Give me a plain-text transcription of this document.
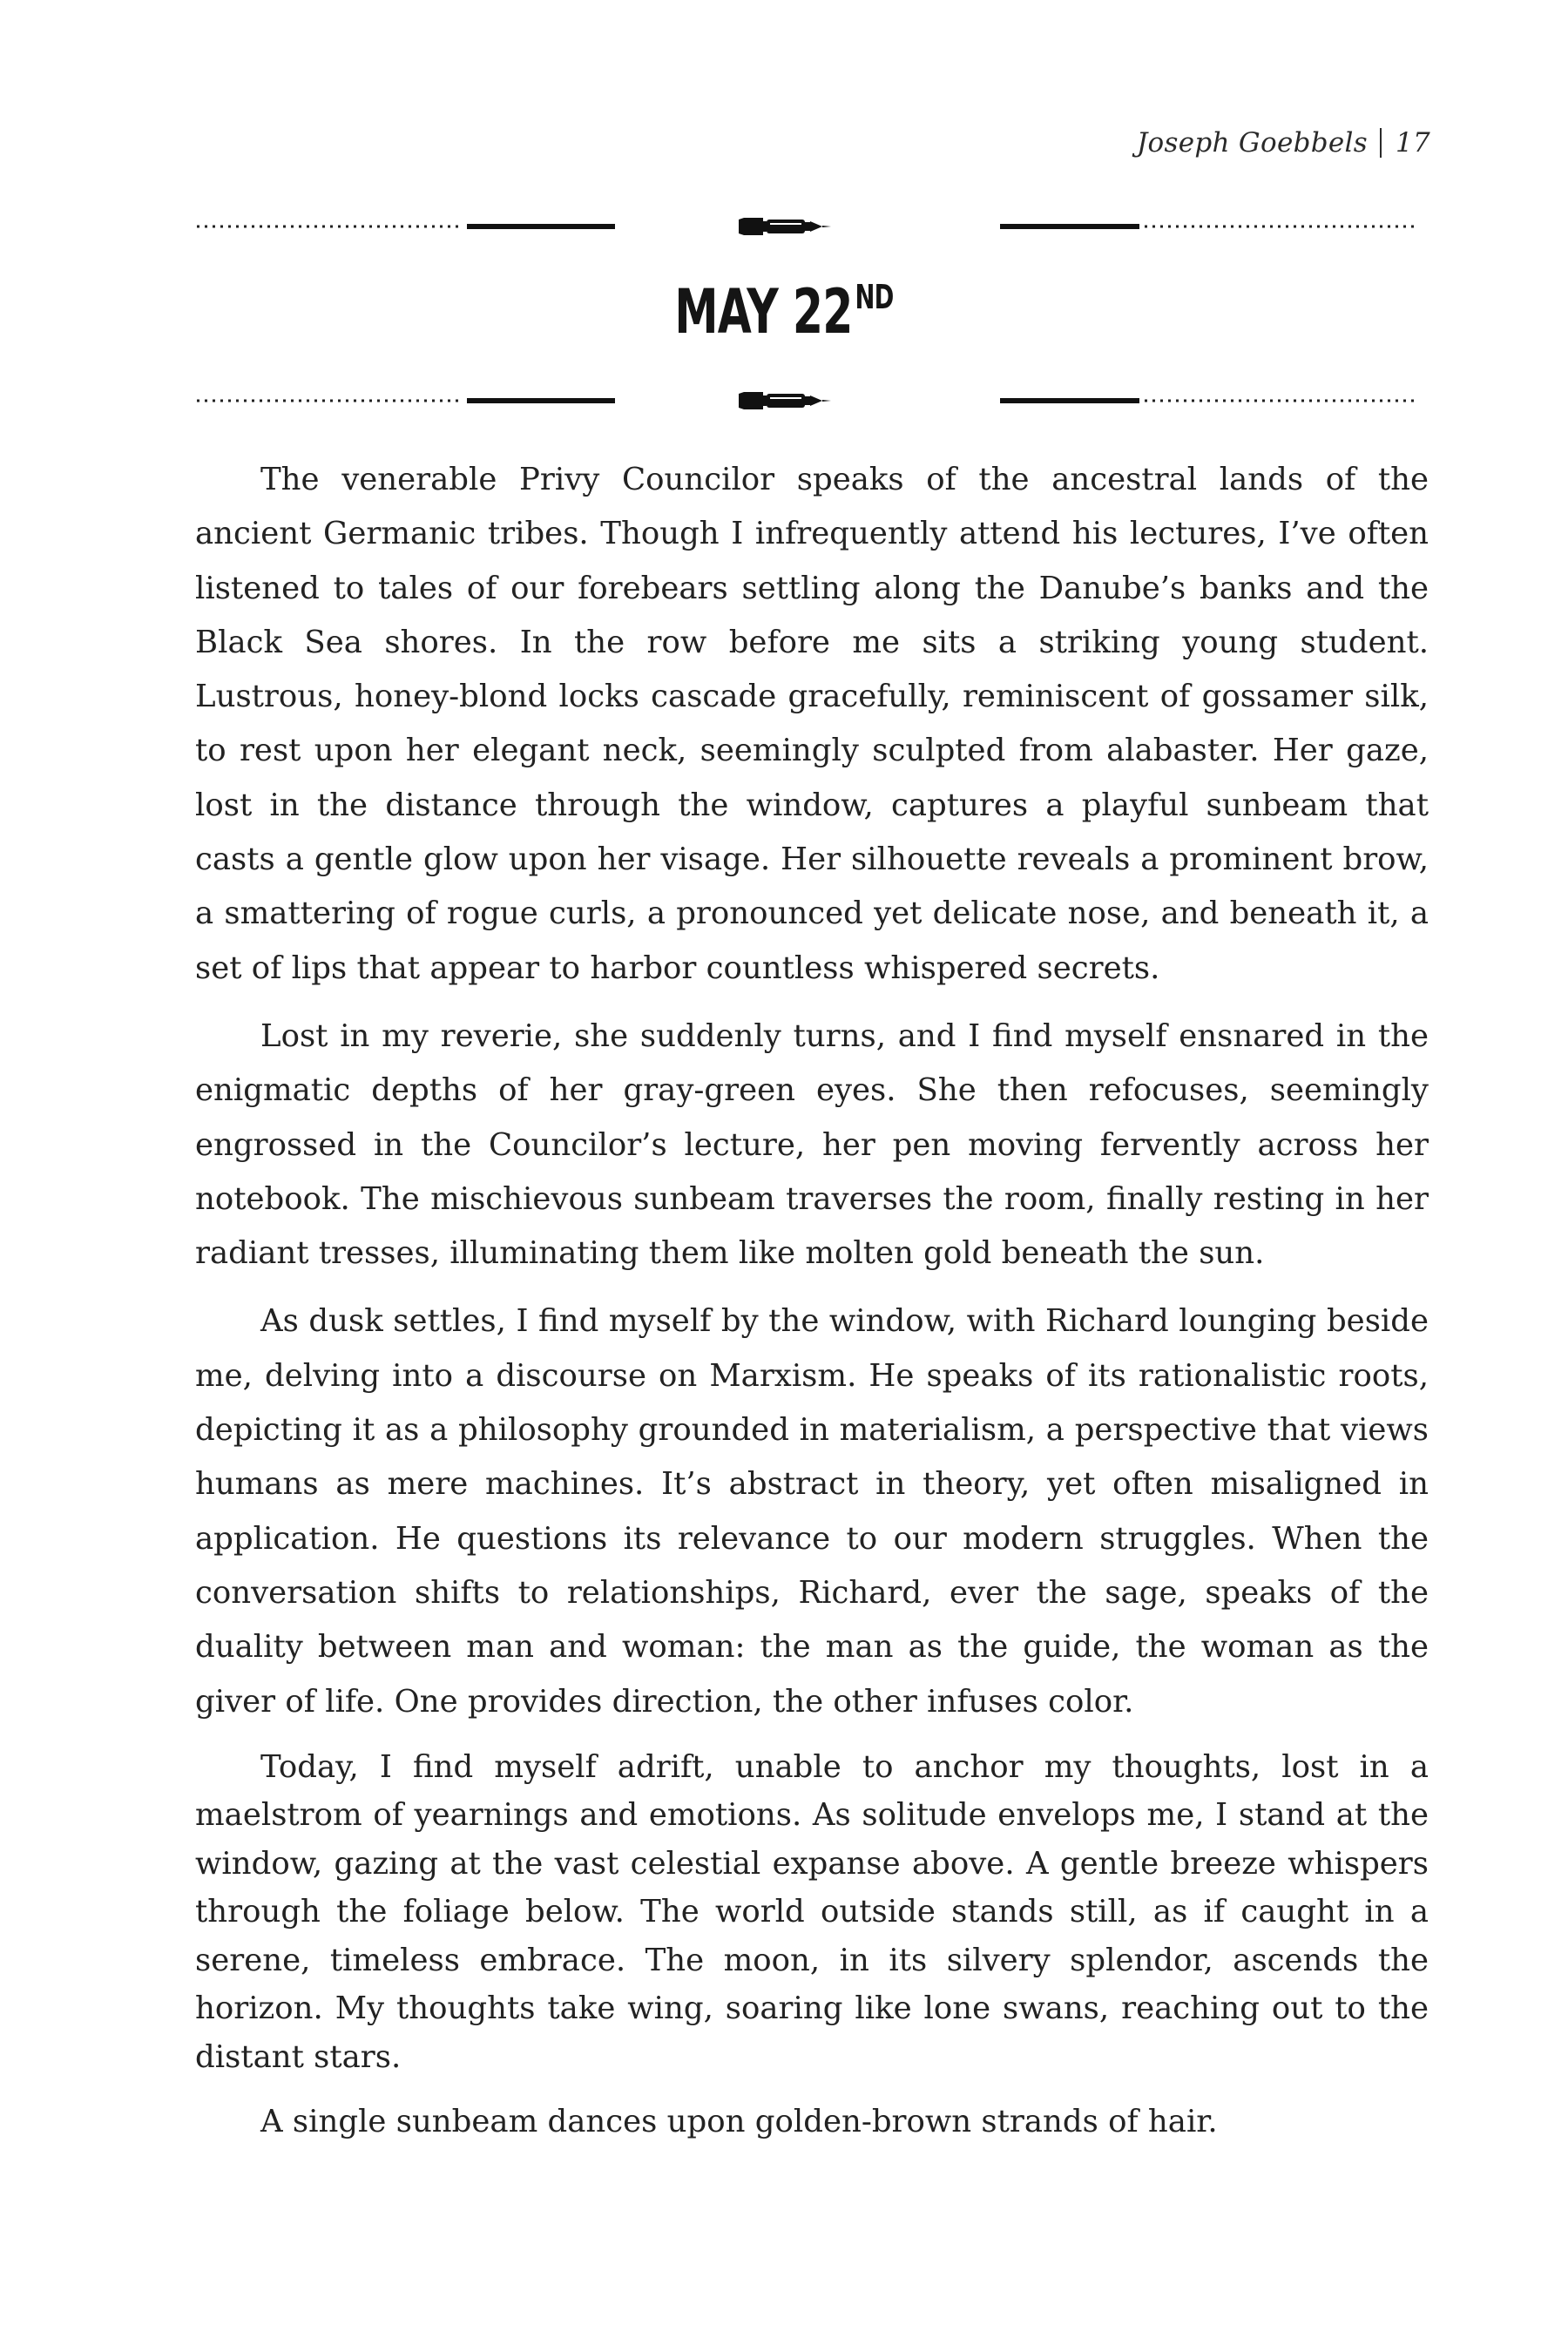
Joseph Goebbels 17
MAY 22ND

The venerable Privy Councilor speaks of the ancestral lands of the ancient Germanic tribes. Though I infrequently attend his lectures, I’ve often listened to tales of our forebears settling along the Danube’s banks and the Black Sea shores. In the row before me sits a striking young student. Lustrous, honey-blond locks cascade gracefully, reminiscent of gossamer silk, to rest upon her elegant neck, seemingly sculpted from alabaster. Her gaze, lost in the distance through the window, captures a playful sunbeam that casts a gentle glow upon her visage. Her silhouette reveals a prominent brow, a smattering of rogue curls, a pronounced yet delicate nose, and beneath it, a set of lips that appear to harbor countless whispered secrets.

Lost in my reverie, she suddenly turns, and I find myself ensnared in the enigmatic depths of her gray-green eyes. She then refocuses, seemingly engrossed in the Councilor’s lecture, her pen moving fervently across her notebook. The mischievous sunbeam traverses the room, finally resting in her radiant tresses, illuminating them like molten gold beneath the sun.

As dusk settles, I find myself by the window, with Richard lounging beside me, delving into a discourse on Marxism. He speaks of its rationalistic roots, depicting it as a philosophy grounded in materialism, a perspective that views humans as mere machines. It’s abstract in theory, yet often misaligned in application. He questions its relevance to our modern struggles. When the conversation shifts to relationships, Richard, ever the sage, speaks of the duality between man and woman: the man as the guide, the woman as the giver of life. One provides direction, the other infuses color.

Today, I find myself adrift, unable to anchor my thoughts, lost in a maelstrom of yearnings and emotions. As solitude envelops me, I stand at the window, gazing at the vast celestial expanse above. A gentle breeze whispers through the foliage below. The world outside stands still, as if caught in a serene, timeless embrace. The moon, in its silvery splendor, ascends the horizon. My thoughts take wing, soaring like lone swans, reaching out to the distant stars.

A single sunbeam dances upon golden-brown strands of hair.
